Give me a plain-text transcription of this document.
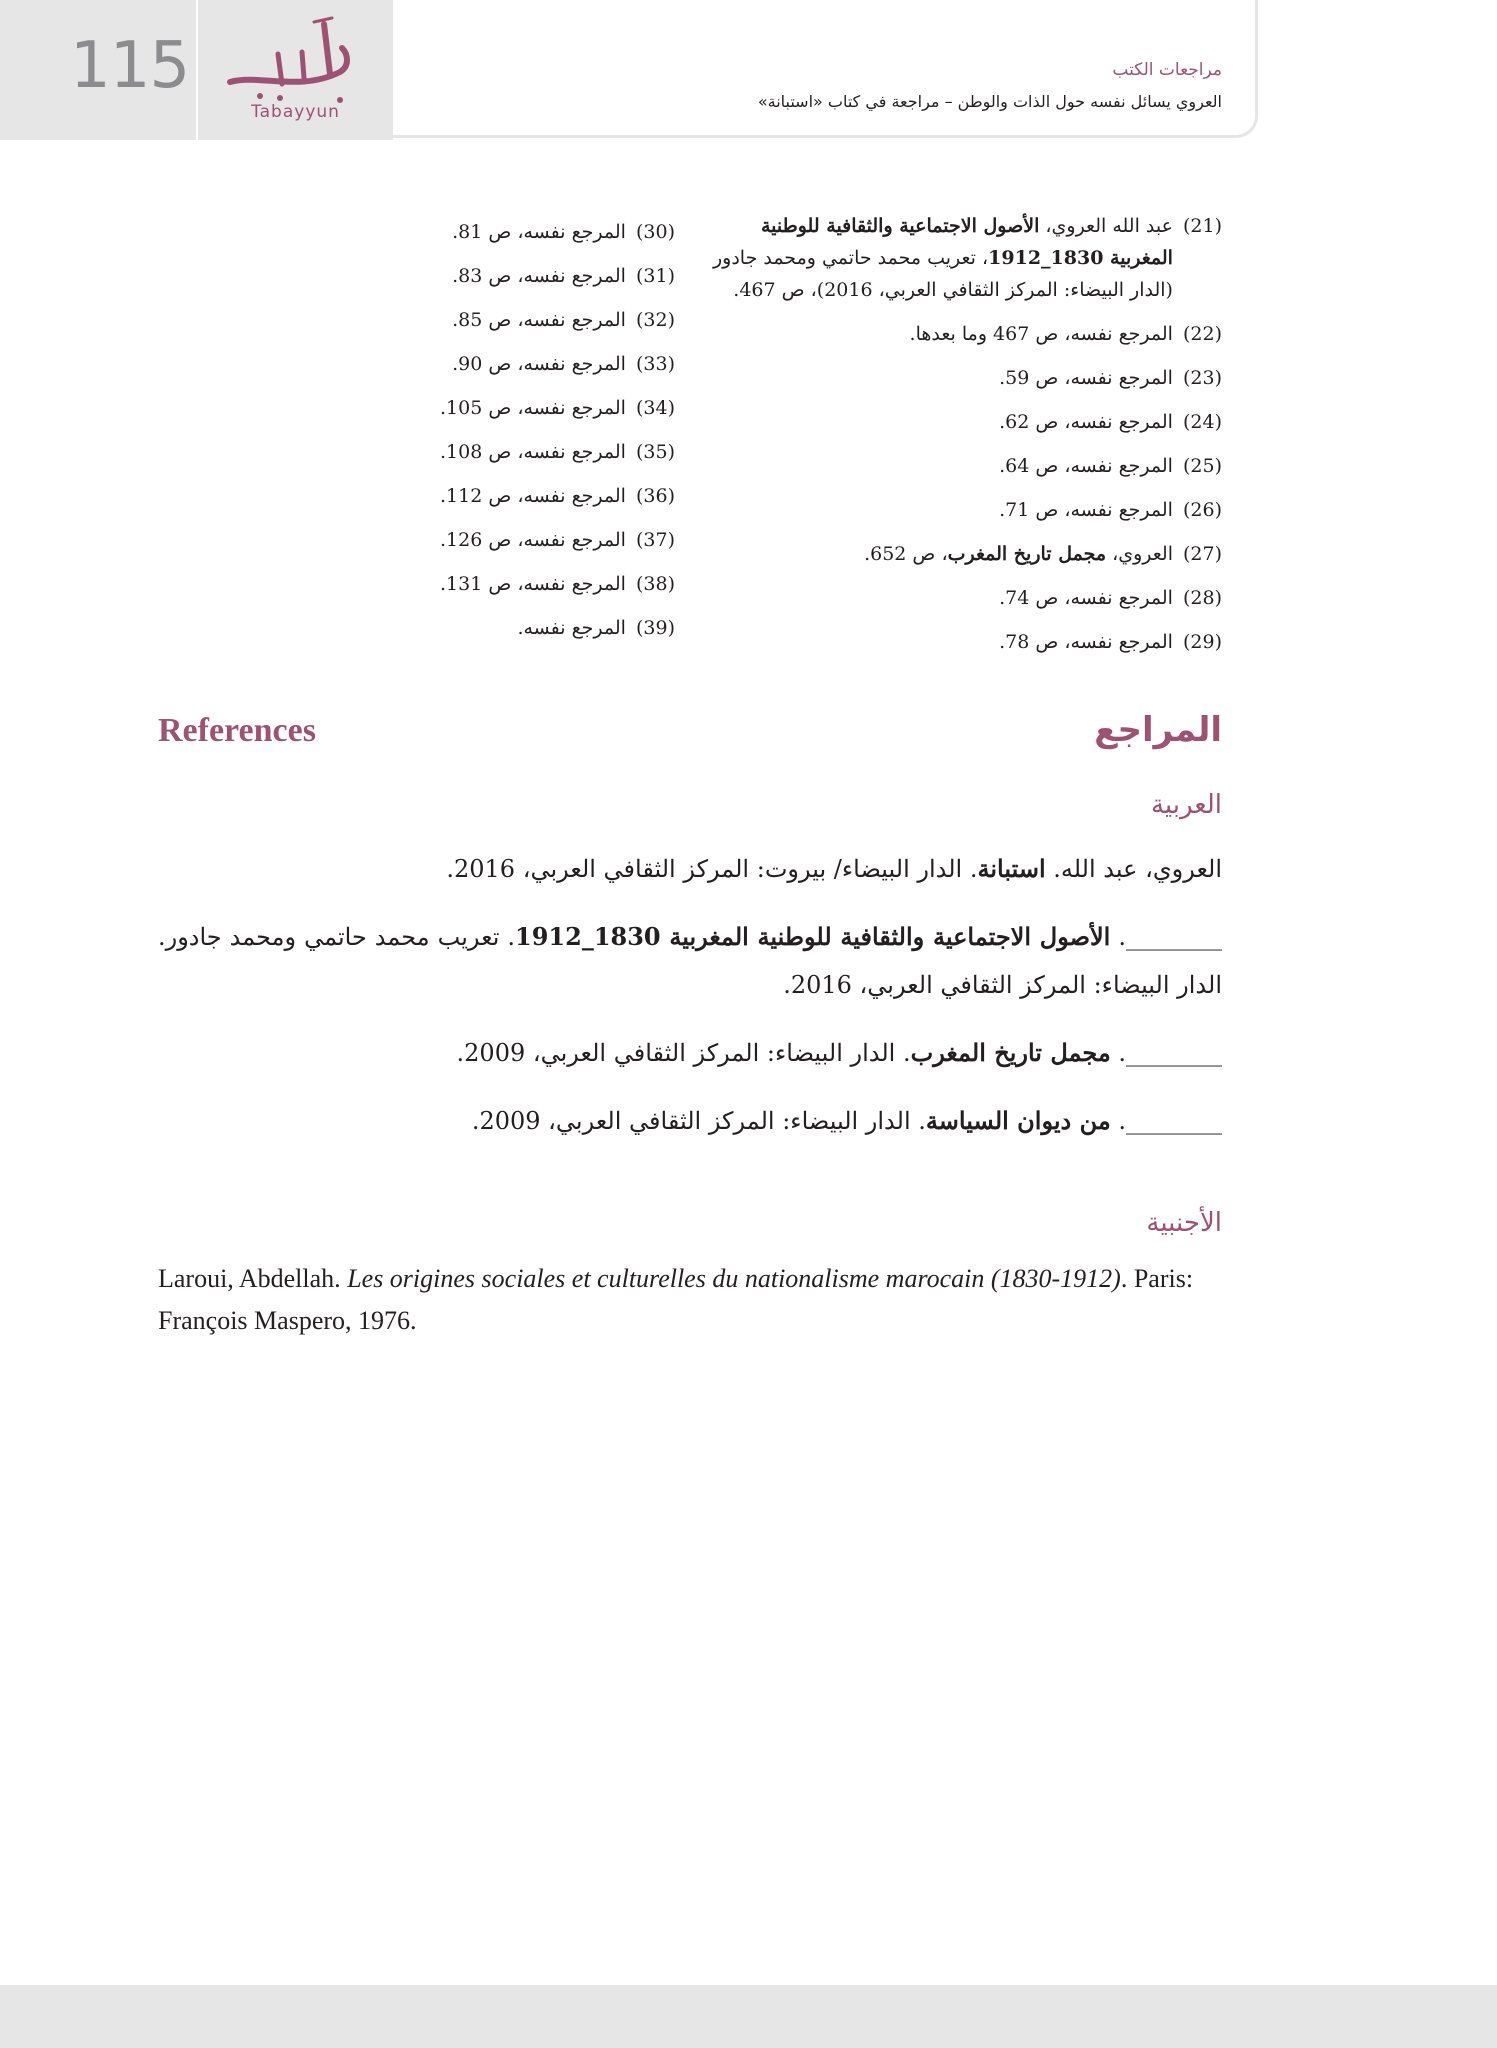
115
Tabayyun
مراجعات الكتب
العروي يسائل نفسه حول الذات والوطن – مراجعة في كتاب «استبانة»
(21)
عبد الله العروي، الأصول الاجتماعية والثقافية للوطنية المغربية 1830_1912، تعريب محمد حاتمي ومحمد جادور (الدار البيضاء: المركز الثقافي العربي، 2016)، ص 467.
(22)
المرجع نفسه، ص 467 وما بعدها.
(23)
المرجع نفسه، ص 59.
(24)
المرجع نفسه، ص 62.
(25)
المرجع نفسه، ص 64.
(26)
المرجع نفسه، ص 71.
(27)
العروي، مجمل تاريخ المغرب، ص 652.
(28)
المرجع نفسه، ص 74.
(29)
المرجع نفسه، ص 78.
(30)
المرجع نفسه، ص 81.
(31)
المرجع نفسه، ص 83.
(32)
المرجع نفسه، ص 85.
(33)
المرجع نفسه، ص 90.
(34)
المرجع نفسه، ص 105.
(35)
المرجع نفسه، ص 108.
(36)
المرجع نفسه، ص 112.
(37)
المرجع نفسه، ص 126.
(38)
المرجع نفسه، ص 131.
(39)
المرجع نفسه.
المراجع
References
العربية
العروي، عبد الله. استبانة. الدار البيضاء/ بيروت: المركز الثقافي العربي، 2016.
________. الأصول الاجتماعية والثقافية للوطنية المغربية 1830_1912. تعريب محمد حاتمي ومحمد جادور. الدار البيضاء: المركز الثقافي العربي، 2016.
________. مجمل تاريخ المغرب. الدار البيضاء: المركز الثقافي العربي، 2009.
________. من ديوان السياسة. الدار البيضاء: المركز الثقافي العربي، 2009.
الأجنبية
Laroui, Abdellah. Les origines sociales et culturelles du nationalisme marocain (1830-1912). Paris: François Maspero, 1976.
